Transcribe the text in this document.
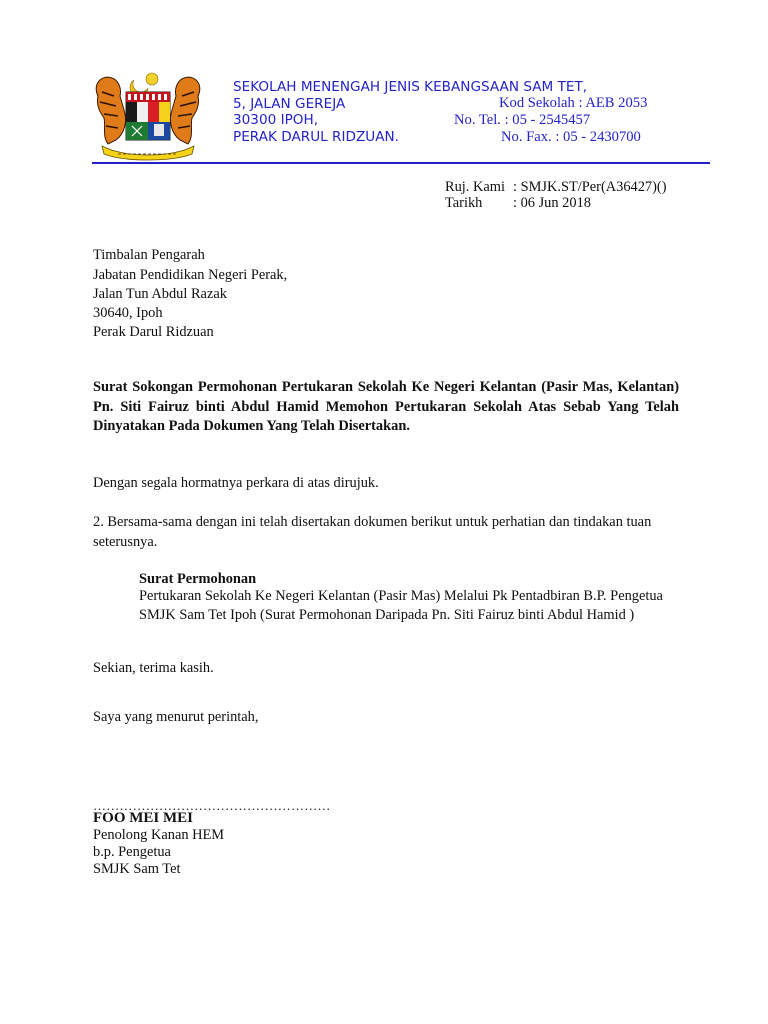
SEKOLAH MENENGAH JENIS KEBANGSAAN SAM TET,
5, JALAN GEREJA
30300 IPOH,
PERAK DARUL RIDZUAN.
Kod Sekolah : AEB 2053
No. Tel. : 05 - 2545457
No. Fax. : 05 - 2430700
Ruj. Kami : SMJK.ST/Per(A36427)()
Tarikh : 06 Jun 2018
Timbalan Pengarah
Jabatan Pendidikan Negeri Perak,
Jalan Tun Abdul Razak
30640, Ipoh
Perak Darul Ridzuan
Surat Sokongan Permohonan Pertukaran Sekolah Ke Negeri Kelantan (Pasir Mas, Kelantan) Pn. Siti Fairuz binti Abdul Hamid Memohon Pertukaran Sekolah Atas Sebab Yang Telah Dinyatakan Pada Dokumen Yang Telah Disertakan.
Dengan segala hormatnya perkara di atas dirujuk.
2. Bersama-sama dengan ini telah disertakan dokumen berikut untuk perhatian dan tindakan tuan seterusnya.
Surat Permohonan
Pertukaran Sekolah Ke Negeri Kelantan (Pasir Mas) Melalui Pk Pentadbiran B.P. Pengetua
SMJK Sam Tet Ipoh (Surat Permohonan Daripada Pn. Siti Fairuz binti Abdul Hamid )
Sekian, terima kasih.
Saya yang menurut perintah,
………………………………………………
FOO MEI MEI
Penolong Kanan HEM
b.p. Pengetua
SMJK Sam Tet
